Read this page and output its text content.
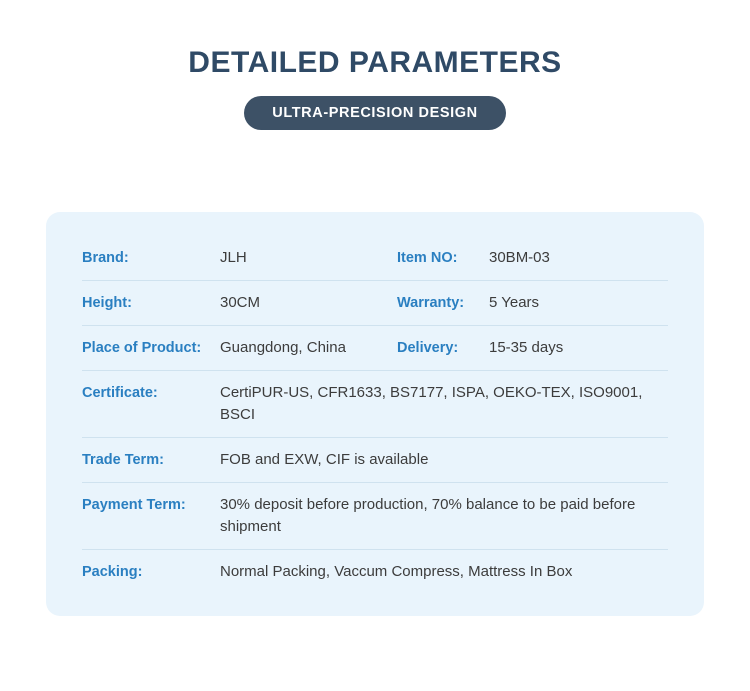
DETAILED PARAMETERS
ULTRA-PRECISION DESIGN
Brand:	JLH	Item NO:	30BM-03
Height:	30CM	Warranty:	5 Years
Place of Product:	Guangdong, China	Delivery:	15-35 days
Certificate:	CertiPUR-US, CFR1633, BS7177, ISPA, OEKO-TEX, ISO9001, BSCI
Trade Term:	FOB and EXW, CIF is available
Payment Term:	30% deposit before production, 70% balance to be paid before shipment
Packing:	Normal Packing, Vaccum Compress, Mattress In Box
